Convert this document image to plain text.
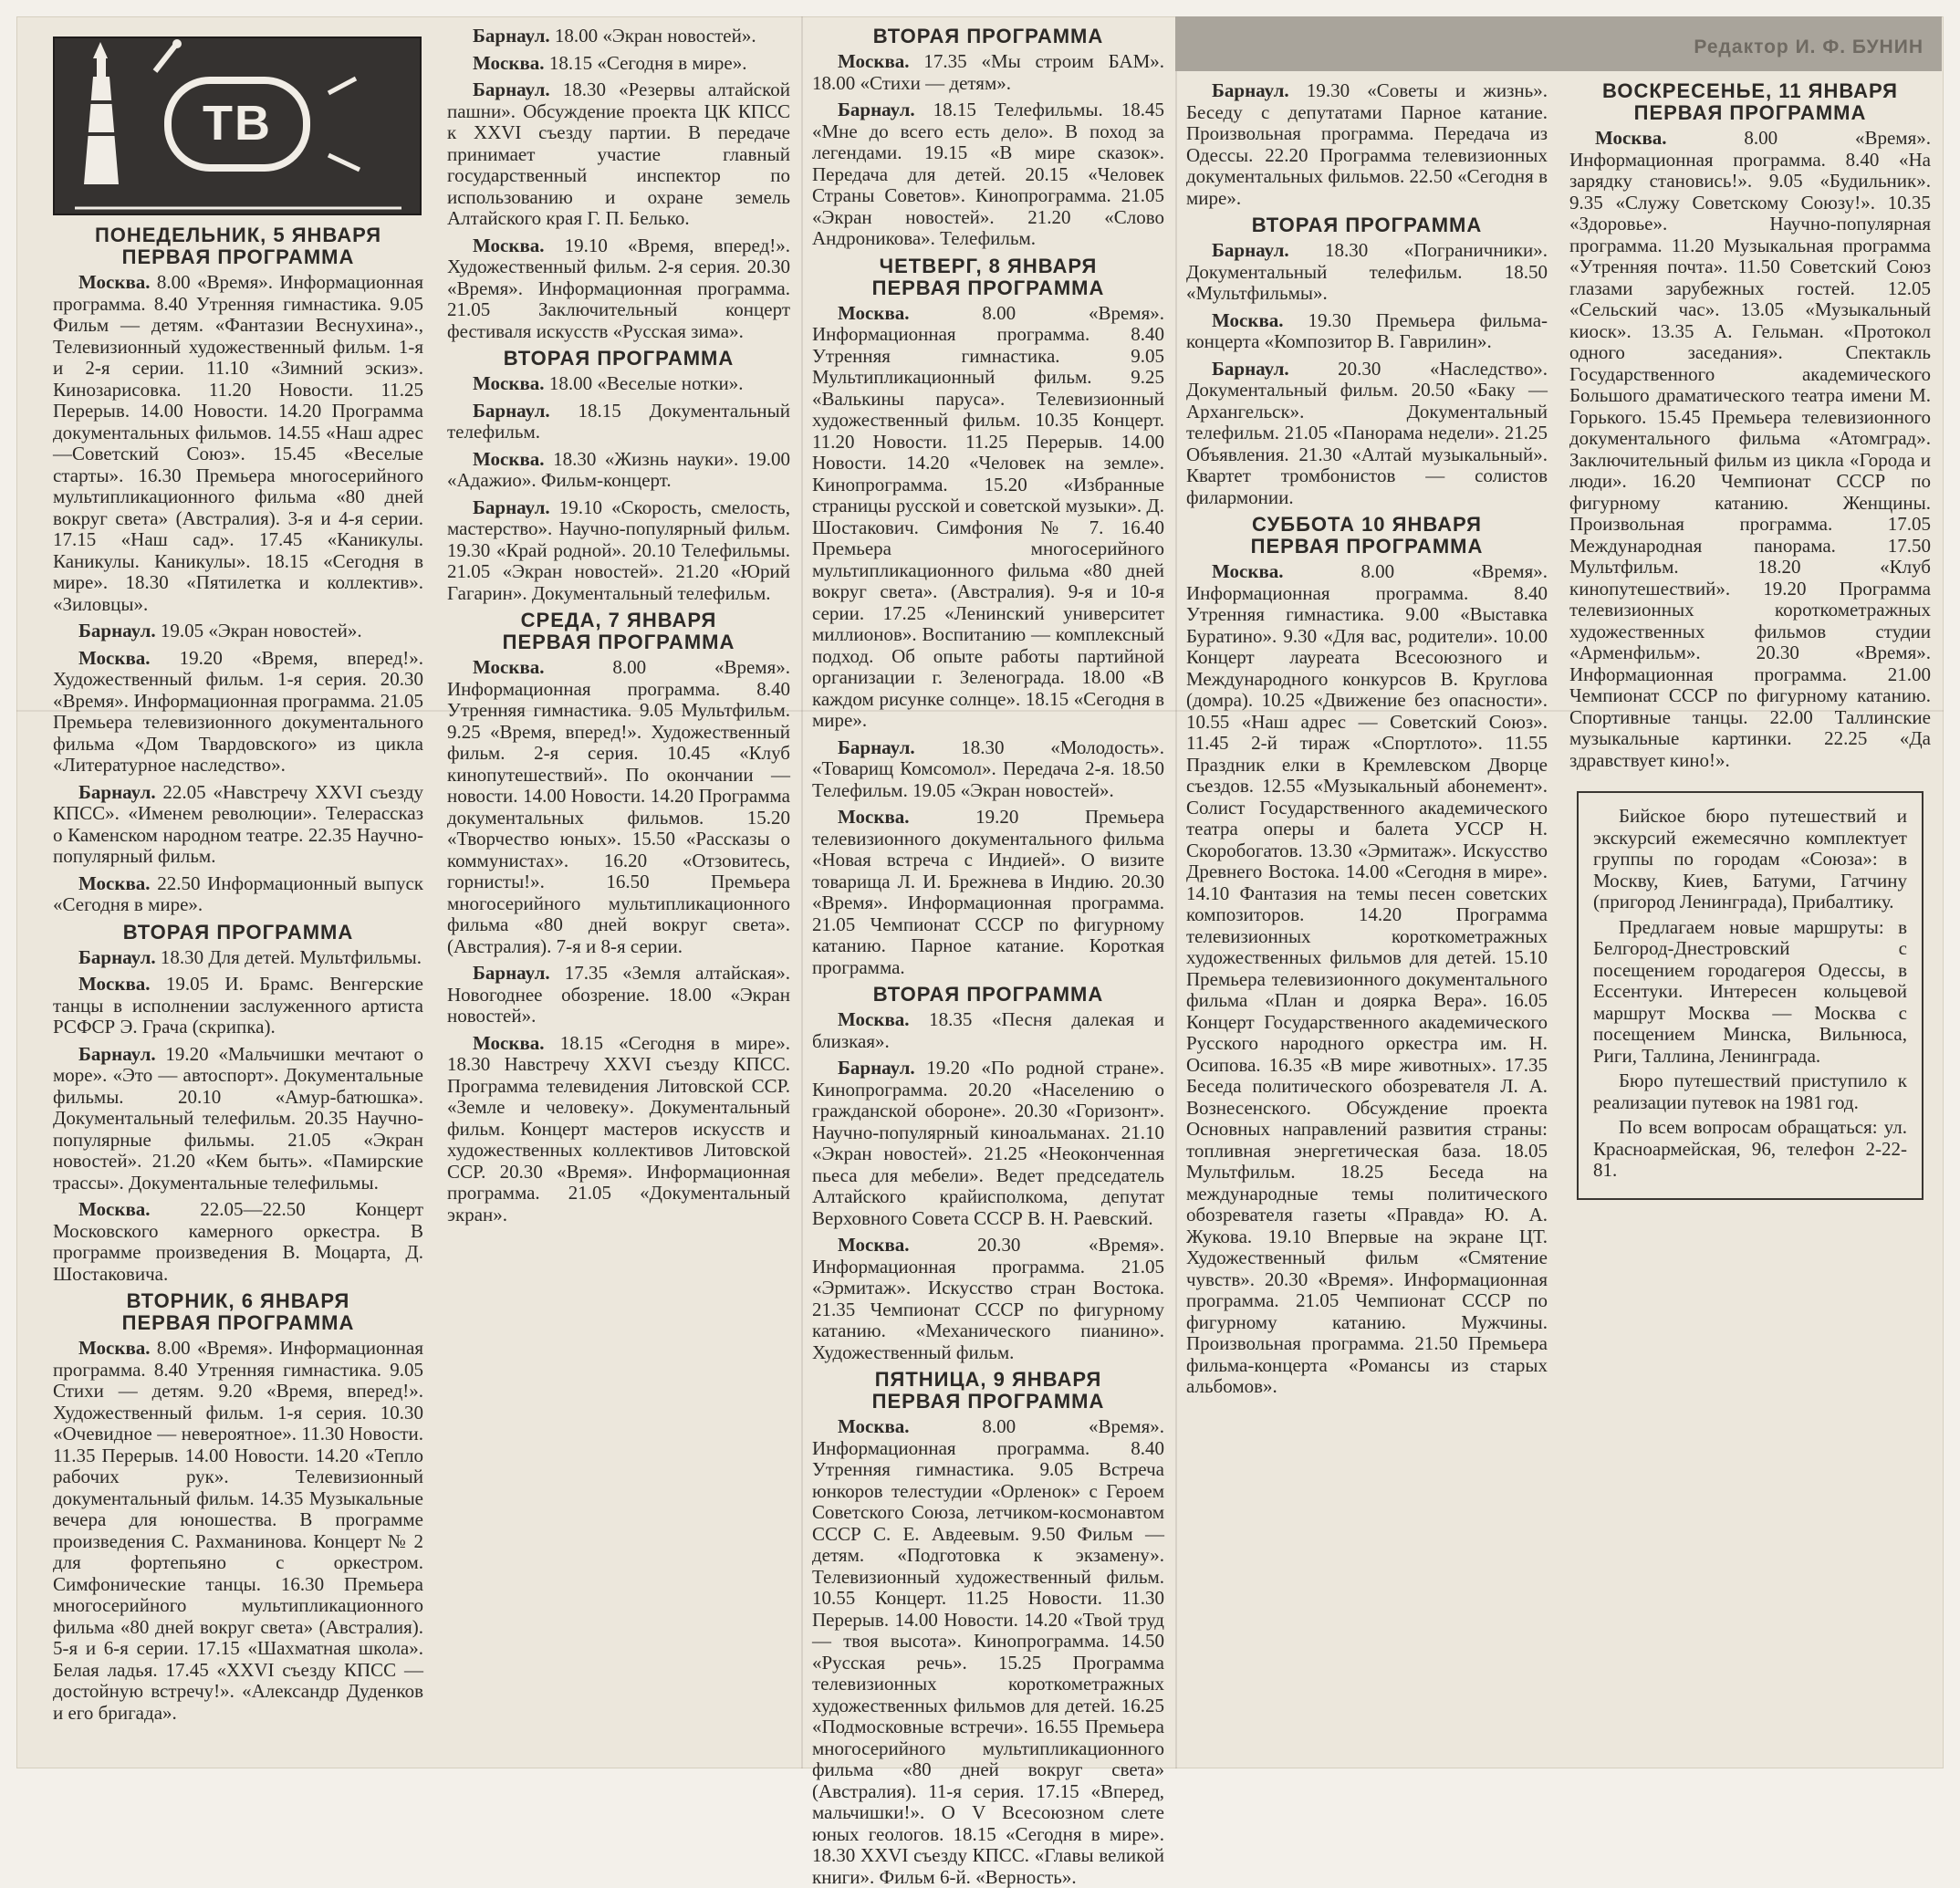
ТВ
ПОНЕДЕЛЬНИК, 5 ЯНВАРЯ
ПЕРВАЯ ПРОГРАММА

Москва. 8.00 «Время». Информационная программа. 8.40 Утренняя гимнастика. 9.05 Фильм — детям. «Фантазии Веснухина»., Телевизионный художественный фильм. 1-я и 2-я серии. 11.10 «Зимний эскиз». Кинозарисовка. 11.20 Новости. 11.25 Перерыв. 14.00 Новости. 14.20 Программа документальных фильмов. 14.55 «Наш адрес—Советский Союз». 15.45 «Веселые старты». 16.30 Премьера многосерийного мультипликационного фильма «80 дней вокруг света» (Австралия). 3-я и 4-я серии. 17.15 «Наш сад». 17.45 «Каникулы. Каникулы. Каникулы». 18.15 «Сегодня в мире». 18.30 «Пятилетка и коллектив». «Зиловцы».

Барнаул. 19.05 «Экран новостей».

Москва. 19.20 «Время, вперед!». Художественный фильм. 1-я серия. 20.30 «Время». Информационная программа. 21.05 Премьера телевизионного документального фильма «Дом Твардовского» из цикла «Литературное наследство».

Барнаул. 22.05 «Навстречу XXVI съезду КПСС». «Именем революции». Телерассказ о Каменском народном театре. 22.35 Научно-популярный фильм.

Москва. 22.50 Информационный выпуск «Сегодня в мире».

ВТОРАЯ ПРОГРАММА

Барнаул. 18.30 Для детей. Мультфильмы.

Москва. 19.05 И. Брамс. Венгерские танцы в исполнении заслуженного артиста РСФСР Э. Грача (скрипка).

Барнаул. 19.20 «Мальчишки мечтают о море». «Это — автоспорт». Документальные фильмы. 20.10 «Амур-батюшка». Документальный телефильм. 20.35 Научно-популярные фильмы. 21.05 «Экран новостей». 21.20 «Кем быть». «Памирские трассы». Документальные телефильмы.

Москва.	22.05—22.50 Концерт Московского камерного оркестра. В программе произведения В. Моцарта, Д. Шостаковича.

ВТОРНИК, 6 ЯНВАРЯ
ПЕРВАЯ ПРОГРАММА

Москва. 8.00 «Время». Информационная программа. 8.40 Утренняя гимнастика. 9.05 Стихи — детям. 9.20 «Время, вперед!». Художественный фильм. 1-я серия. 10.30 «Очевидное — невероятное». 11.30 Новости. 11.35 Перерыв. 14.00 Новости. 14.20 «Тепло рабочих рук». Телевизионный документальный фильм. 14.35 Музыкальные вечера для юношества. В программе произведения С. Рахманинова. Концерт № 2 для фортепьяно с оркестром. Симфонические танцы. 16.30 Премьера многосерийного мультипликационного фильма «80 дней вокруг света» (Австралия). 5-я и 6-я серии. 17.15 «Шахматная школа». Белая ладья. 17.45 «XXVI съезду КПСС — достойную встречу!». «Александр Дуденков и его бригада».

Барнаул. 18.00 «Экран новостей».

Москва. 18.15 «Сегодня в мире».

Барнаул. 18.30 «Резервы алтайской пашни». Обсуждение проекта ЦК КПСС к XXVI съезду партии. В передаче принимает участие главный государственный инспектор по использованию и охране земель Алтайского края Г. П. Белько.

Москва. 19.10 «Время, вперед!». Художественный фильм. 2-я серия. 20.30 «Время». Информационная программа. 21.05 Заключительный концерт фестиваля искусств «Русская зима».

ВТОРАЯ ПРОГРАММА

Москва. 18.00 «Веселые нотки».

Барнаул. 18.15 Документальный телефильм.

Москва. 18.30 «Жизнь науки». 19.00 «Адажио». Фильм-концерт.

Барнаул. 19.10 «Скорость, смелость, мастерство». Научно-популярный фильм. 19.30 «Край родной». 20.10 Телефильмы. 21.05 «Экран новостей». 21.20 «Юрий Гагарин». Документальный телефильм.

СРЕДА, 7 ЯНВАРЯ
ПЕРВАЯ ПРОГРАММА

Москва.	8.00 «Время». Информационная программа. 8.40 Утренняя гимнастика. 9.05 Мультфильм. 9.25 «Время, вперед!». Художественный фильм. 2-я серия. 10.45 «Клуб кинопутешествий». По окончании — новости. 14.00 Новости. 14.20 Программа документальных фильмов. 15.20 «Творчество юных». 15.50 «Рассказы о коммунистах». 16.20 «Отзовитесь, горнисты!». 16.50 Премьера многосерийного мультипликационного фильма «80 дней вокруг света». (Австралия). 7-я и 8-я серии.

Барнаул. 17.35 «Земля алтайская». Новогоднее обозрение. 18.00 «Экран новостей».

Москва. 18.15 «Сегодня в мире». 18.30 Навстречу XXVI съезду КПСС. Программа телевидения Литовской ССР. «Земле и человеку». Документальный фильм. Концерт мастеров искусств и художественных коллективов Литовской ССР. 20.30 «Время». Информационная программа. 21.05 «Документальный экран».

ВТОРАЯ ПРОГРАММА

Москва. 17.35 «Мы строим БАМ». 18.00 «Стихи — детям».

Барнаул. 18.15 Телефильмы. 18.45 «Мне до всего есть дело». В поход за легендами. 19.15 «В мире сказок». Передача для детей. 20.15 «Человек Страны Советов». Кинопрограмма. 21.05 «Экран новостей». 21.20 «Слово Андроникова». Телефильм.

ЧЕТВЕРГ, 8 ЯНВАРЯ
ПЕРВАЯ ПРОГРАММА

Москва.	8.00 «Время». Информационная программа. 8.40 Утренняя гимнастика. 9.05 Мультипликационный фильм. 9.25 «Валькины паруса». Телевизионный художественный фильм. 10.35 Концерт. 11.20 Новости. 11.25 Перерыв. 14.00 Новости. 14.20 «Человек на земле». Кинопрограмма. 15.20 «Избранные страницы русской и советской музыки». Д. Шостакович. Симфония № 7. 16.40 Премьера многосерийного мультипликационного фильма «80 дней вокруг света». (Австралия). 9-я и 10-я серии. 17.25 «Ленинский университет миллионов». Воспитанию — комплексный подход. Об опыте работы партийной организации г. Зеленограда. 18.00 «В каждом рисунке солнце». 18.15 «Сегодня в мире».

Барнаул. 18.30 «Молодость». «Товарищ Комсомол». Передача 2-я. 18.50 Телефильм. 19.05 «Экран новостей».

Москва.	19.20 Премьера телевизионного документального фильма «Новая встреча с Индией». О визите товарища Л. И. Брежнева в Индию. 20.30 «Время». Информационная программа. 21.05 Чемпионат СССР по фигурному катанию. Парное катание. Короткая программа.

ВТОРАЯ ПРОГРАММА

Москва. 18.35 «Песня далекая и близкая».

Барнаул. 19.20 «По родной стране». Кинопрограмма. 20.20 «Населению о гражданской обороне». 20.30 «Горизонт». Научно-популярный киноальманах. 21.10 «Экран новостей». 21.25 «Неоконченная пьеса для мебели». Ведет председатель Алтайского крайисполкома, депутат Верховного Совета СССР В. Н. Раевский.

Москва.	20.30 «Время». Информационная программа. 21.05 «Эрмитаж». Искусство стран Востока. 21.35 Чемпионат СССР по фигурному катанию. «Механического пианино». Художественный фильм.

ПЯТНИЦА, 9 ЯНВАРЯ
ПЕРВАЯ ПРОГРАММА

Москва.	8.00 «Время». Информационная программа. 8.40 Утренняя гимнастика. 9.05 Встреча юнкоров телестудии «Орленок» с Героем Советского Союза, летчиком-космонавтом СССР С. Е. Авдеевым. 9.50 Фильм — детям. «Подготовка к экзамену». Телевизионный художественный фильм. 10.55 Концерт. 11.25 Новости. 11.30 Перерыв. 14.00 Новости. 14.20 «Твой труд — твоя высота». Кинопрограмма. 14.50 «Русская речь». 15.25 Программа телевизионных короткометражных художественных фильмов для детей. 16.25 «Подмосковные встречи». 16.55 Премьера многосерийного мультипликационного фильма «80 дней вокруг света» (Австралия). 11-я серия. 17.15 «Вперед, мальчишки!». О V Всесоюзном слете юных геологов. 18.15 «Сегодня в мире». 18.30 XXVI съезду КПСС. «Главы великой книги». Фильм 6-й. «Верность».

Барнаул. 19.30 «Советы и жизнь». Беседу с депутатами Парное катание. Произвольная программа. Передача из Одессы. 22.20 Программа телевизионных документальных фильмов. 22.50 «Сегодня в мире».

ВТОРАЯ ПРОГРАММА

Барнаул. 18.30 «Пограничники». Документальный телефильм. 18.50 «Мультфильмы».

Москва. 19.30 Премьера фильма-концерта «Композитор В. Гаврилин».

Барнаул.	20.30 «Наследство». Документальный фильм. 20.50 «Баку — Архангельск». Документальный телефильм. 21.05 «Панорама недели». 21.25 Объявления. 21.30 «Алтай музыкальный». Квартет тромбонистов — солистов филармонии.

СУББОТА 10 ЯНВАРЯ
ПЕРВАЯ ПРОГРАММА

Москва.	8.00 «Время». Информационная программа. 8.40 Утренняя гимнастика. 9.00 «Выставка Буратино». 9.30 «Для вас, родители». 10.00 Концерт лауреата Всесоюзного и Международного конкурсов В. Круглова (домра). 10.25 «Движение без опасности». 10.55 «Наш адрес — Советский Союз». 11.45 2-й тираж «Спортлото». 11.55 Праздник елки в Кремлевском Дворце съездов. 12.55 «Музыкальный абонемент». Солист Государственного академического театра оперы и балета УССР Н. Скоробогатов. 13.30 «Эрмитаж». Искусство Древнего Востока. 14.00 «Сегодня в мире». 14.10 Фантазия на темы песен советских композиторов. 14.20 Программа телевизионных короткометражных художественных фильмов для детей. 15.10 Премьера телевизионного документального фильма «План и доярка Вера». 16.05 Концерт Государственного академического Русского народного оркестра им. Н. Осипова. 16.35 «В мире животных». 17.35 Беседа политического обозревателя Л. А. Вознесенского. Обсуждение проекта Основных направлений развития страны: топливная энергетическая база. 18.05 Мультфильм. 18.25 Беседа на международные темы политического обозревателя газеты «Правда» Ю. А. Жукова. 19.10 Впервые на экране ЦТ. Художественный фильм «Смятение чувств». 20.30 «Время». Информационная программа. 21.05 Чемпионат СССР по фигурному катанию. Мужчины. Произвольная программа. 21.50 Премьера фильма-концерта «Романсы из старых альбомов».

Редактор И. Ф. БУНИН
ВОСКРЕСЕНЬЕ, 11 ЯНВАРЯ
ПЕРВАЯ ПРОГРАММА

Москва.	8.00 «Время». Информационная программа. 8.40 «На зарядку становись!». 9.05 «Будильник». 9.35 «Служу Советскому Союзу!». 10.35 «Здоровье». Научно-популярная программа. 11.20 Музыкальная программа «Утренняя почта». 11.50 Советский Союз глазами зарубежных гостей. 12.05 «Сельский час». 13.05 «Музыкальный киоск». 13.35 А. Гельман. «Протокол одного заседания». Спектакль Государственного академического Большого драматического театра имени М. Горького. 15.45 Премьера телевизионного документального фильма «Атомград». Заключительный фильм из цикла «Города и люди». 16.20 Чемпионат СССР по фигурному катанию. Женщины. Произвольная программа. 17.05 Международная панорама. 17.50 Мультфильм. 18.20 «Клуб кинопутешествий». 19.20 Программа телевизионных короткометражных художественных фильмов студии «Арменфильм». 20.30 «Время». Информационная программа. 21.00 Чемпионат СССР по фигурному катанию. Спортивные танцы. 22.00 Таллинские музыкальные картинки. 22.25 «Да здравствует кино!».

Бийское бюро путешествий и экскурсий ежемесячно комплектует группы по городам «Союза»: в Москву, Киев, Батуми, Гатчину (пригород Ленинграда), Прибалтику.

Предлагаем новые маршруты: в Белгород-Днестровский с посещением городагероя Одессы, в Ессентуки. Интересен кольцевой маршрут Москва — Москва с посещением Минска, Вильнюса, Риги, Таллина, Ленинграда.

Бюро путешествий приступило к реализации путевок на 1981 год.

По всем вопросам обращаться: ул. Красноармейская, 96, телефон 2-22-81.
